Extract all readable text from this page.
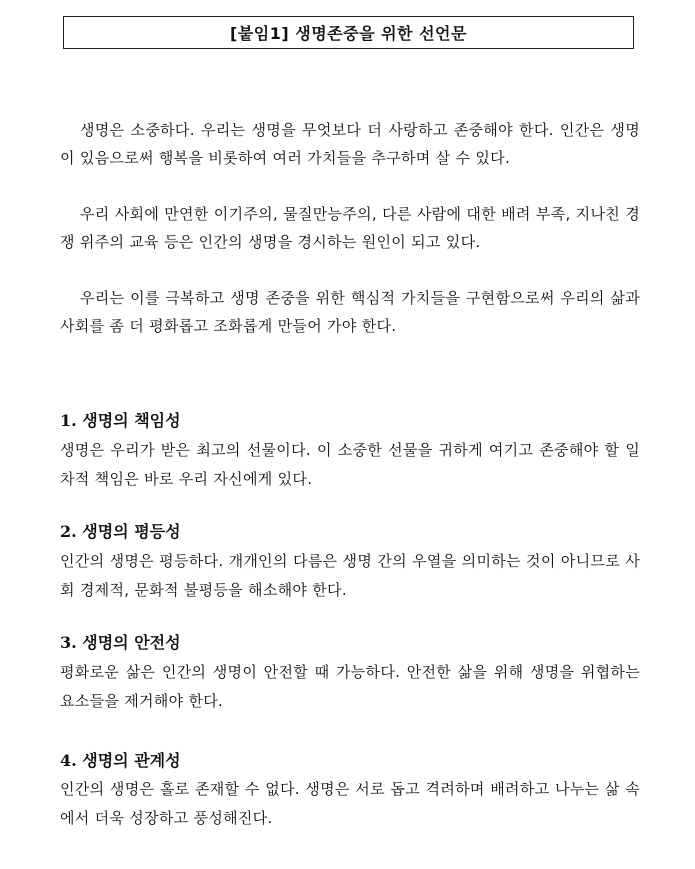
[붙임1] 생명존중을 위한 선언문

생명은 소중하다. 우리는 생명을 무엇보다 더 사랑하고 존중해야 한다. 인간은 생명이 있음으로써 행복을 비롯하여 여러 가치들을 추구하며 살 수 있다.

우리 사회에 만연한 이기주의, 물질만능주의, 다른 사람에 대한 배려 부족, 지나친 경쟁 위주의 교육 등은 인간의 생명을 경시하는 원인이 되고 있다.

우리는 이를 극복하고 생명 존중을 위한 핵심적 가치들을 구현함으로써 우리의 삶과 사회를 좀 더 평화롭고 조화롭게 만들어 가야 한다.

1. 생명의 책임성

생명은 우리가 받은 최고의 선물이다. 이 소중한 선물을 귀하게 여기고 존중해야 할 일차적 책임은 바로 우리 자신에게 있다.

2. 생명의 평등성

인간의 생명은 평등하다. 개개인의 다름은 생명 간의 우열을 의미하는 것이 아니므로 사회 경제적, 문화적 불평등을 해소해야 한다.

3. 생명의 안전성

평화로운 삶은 인간의 생명이 안전할 때 가능하다. 안전한 삶을 위해 생명을 위협하는 요소들을 제거해야 한다.

4. 생명의 관계성

인간의 생명은 홀로 존재할 수 없다. 생명은 서로 돕고 격려하며 배려하고 나누는 삶 속에서 더욱 성장하고 풍성해진다.
